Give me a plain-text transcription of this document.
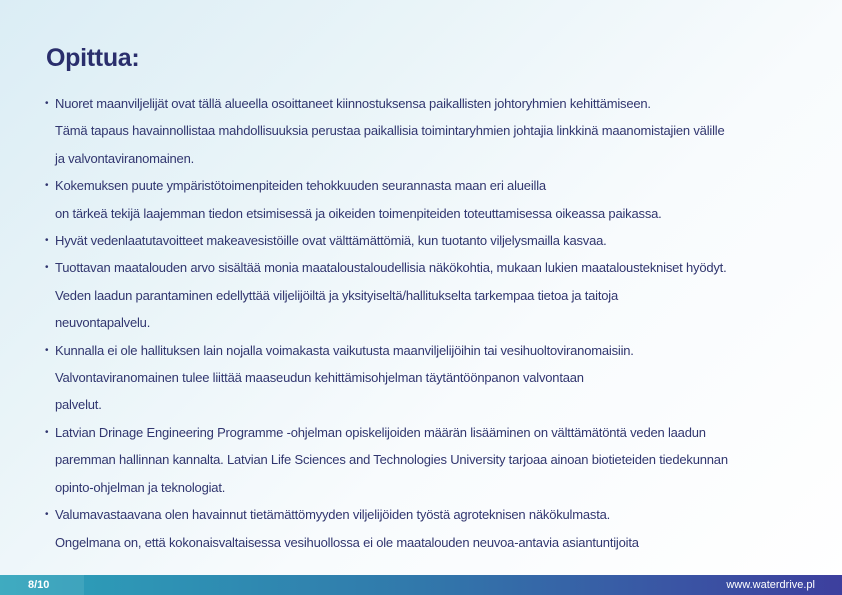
Opittua:
• Nuoret maanviljelijät ovat tällä alueella osoittaneet kiinnostuksensa paikallisten johtoryhmien kehittämiseen.
Tämä tapaus havainnollistaa mahdollisuuksia perustaa paikallisia toimintaryhmien johtajia linkkinä maanomistajien välille
ja valvontaviranomainen.
• Kokemuksen puute ympäristötoimenpiteiden tehokkuuden seurannasta maan eri alueilla
on tärkeä tekijä laajemman tiedon etsimisessä ja oikeiden toimenpiteiden toteuttamisessa oikeassa paikassa.
• Hyvät vedenlaatutavoitteet makeavesistöille ovat välttämättömiä, kun tuotanto viljelysmailla kasvaa.
• Tuottavan maatalouden arvo sisältää monia maataloustaloudellisia näkökohtia, mukaan lukien maataloustekniset hyödyt.
Veden laadun parantaminen edellyttää viljelijöiltä ja yksityiseltä/hallitukselta tarkempaa tietoa ja taitoja
neuvontapalvelu.
• Kunnalla ei ole hallituksen lain nojalla voimakasta vaikutusta maanviljelijöihin tai vesihuoltoviranomaisiin.
Valvontaviranomainen tulee liittää maaseudun kehittämisohjelman täytäntöönpanon valvontaan
palvelut.
• Latvian Drinage Engineering Programme -ohjelman opiskelijoiden määrän lisääminen on välttämätöntä veden laadun
paremman hallinnan kannalta. Latvian Life Sciences and Technologies University tarjoaa ainoan biotieteiden tiedekunnan
opinto-ohjelman ja teknologiat.
• Valumavastaavana olen havainnut tietämättömyyden viljelijöiden työstä agroteknisen näkökulmasta.
Ongelmana on, että kokonaisvaltaisessa vesihuollossa ei ole maatalouden neuvoa-antavia asiantuntijoita
8/10	www.waterdrive.pl
